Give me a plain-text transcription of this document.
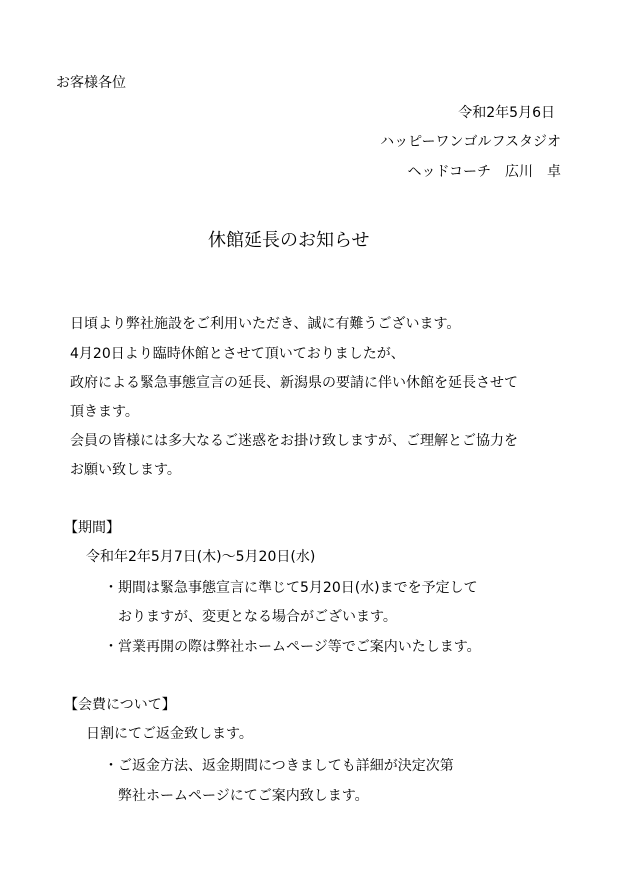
お客様各位
令和2年5月6日
ハッピーワンゴルフスタジオ
ヘッドコーチ　広川　卓
休館延長のお知らせ
日頃より弊社施設をご利用いただき、誠に有難うございます。
4月20日より臨時休館とさせて頂いておりましたが、
政府による緊急事態宣言の延長、新潟県の要請に伴い休館を延長させて
頂きます。
会員の皆様には多大なるご迷惑をお掛け致しますが、ご理解とご協力を
お願い致します。
【期間】
令和年2年5月7日(木)～5月20日(水)
・期間は緊急事態宣言に準じて5月20日(水)までを予定して
おりますが、変更となる場合がございます。
・営業再開の際は弊社ホームページ等でご案内いたします。
【会費について】
日割にてご返金致します。
・ご返金方法、返金期間につきましても詳細が決定次第
弊社ホームページにてご案内致します。
